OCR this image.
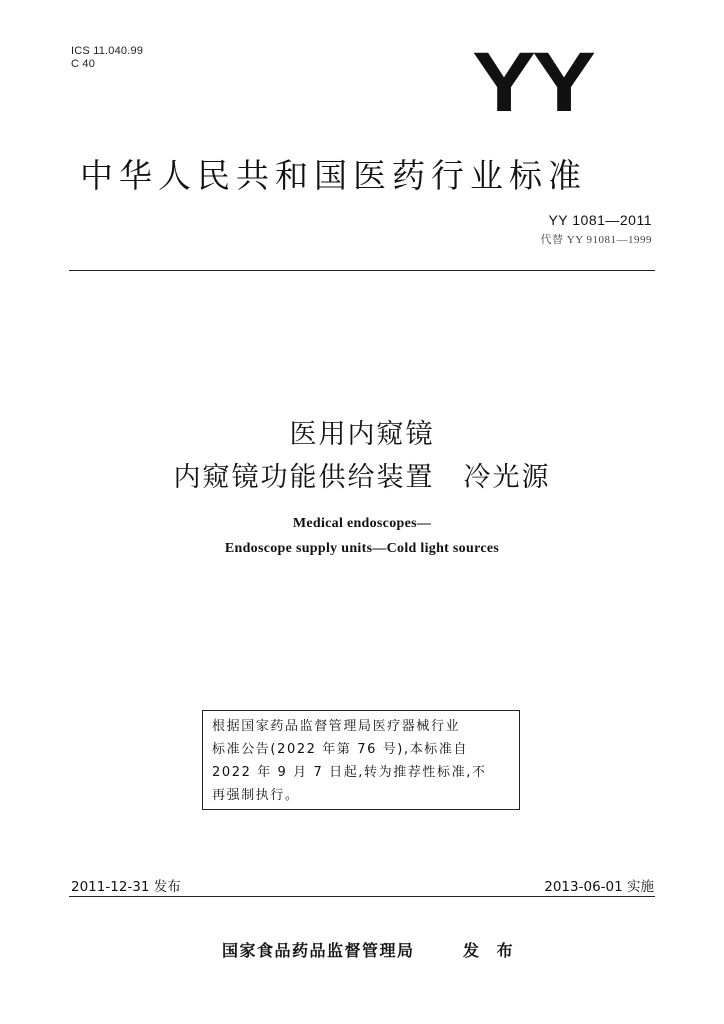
ICS 11.040.99
C 40	YY
中华人民共和国医药行业标准
YY 1081—2011
代替 YY 91081—1999
医用内窥镜
内窥镜功能供给装置　冷光源
Medical endoscopes—
Endoscope supply units—Cold light sources
根据国家药品监督管理局医疗器械行业
标准公告(2022 年第 76 号),本标准自
2022 年 9 月 7 日起,转为推荐性标准,不
再强制执行。
2011-12-31 发布	2013-06-01 实施
国家食品药品监督管理局	发 布
